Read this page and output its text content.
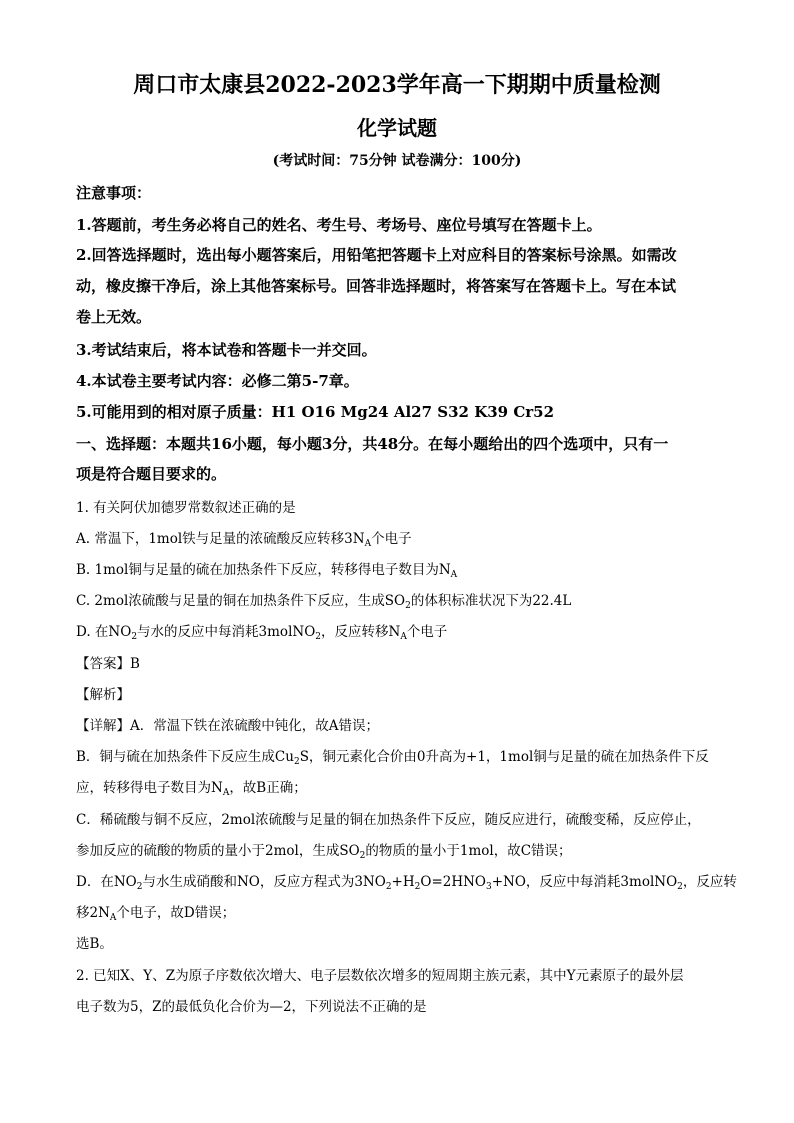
周口市太康县2022-2023学年高一下期期中质量检测
化学试题
(考试时间：75分钟 试卷满分：100分)
注意事项：
1.答题前，考生务必将自己的姓名、考生号、考场号、座位号填写在答题卡上。
2.回答选择题时，选出每小题答案后，用铅笔把答题卡上对应科目的答案标号涂黑。如需改
动，橡皮擦干净后，涂上其他答案标号。回答非选择题时，将答案写在答题卡上。写在本试
卷上无效。
3.考试结束后，将本试卷和答题卡一并交回。
4.本试卷主要考试内容：必修二第5-7章。
5.可能用到的相对原子质量：H1 O16 Mg24 Al27 S32 K39 Cr52
一、选择题：本题共16小题，每小题3分，共48分。在每小题给出的四个选项中，只有一
项是符合题目要求的。
1. 有关阿伏加德罗常数叙述正确的是
A. 常温下，1mol铁与足量的浓硫酸反应转移$3N_A$个电子
B. 1mol铜与足量的硫在加热条件下反应，转移得电子数目为$N_A$
C. 2mol浓硫酸与足量的铜在加热条件下反应，生成$SO_2$的体积标准状况下为22.4L
D. 在$NO_2$与水的反应中每消耗3molNO$_2$，反应转移$N_A$个电子
【答案】B
【解析】
【详解】A．常温下铁在浓硫酸中钝化，故A错误；
B．铜与硫在加热条件下反应生成$Cu_2S$，铜元素化合价由0升高为+1，1mol铜与足量的硫在加热条件下反
应，转移得电子数目为$N_A$，故B正确；
C．稀硫酸与铜不反应，2mol浓硫酸与足量的铜在加热条件下反应，随反应进行，硫酸变稀，反应停止，
参加反应的硫酸的物质的量小于2mol，生成$SO_2$的物质的量小于1mol，故C错误；
D．在$NO_2$与水生成硝酸和NO，反应方程式为$3NO_2+H_2O=2HNO_3+NO$，反应中每消耗3molNO$_2$，反应转
移$2N_A$个电子，故D错误；
选B。
2. 已知X、Y、Z为原子序数依次增大、电子层数依次增多的短周期主族元素，其中Y元素原子的最外层
电子数为5，Z的最低负化合价为—2，下列说法不正确的是
